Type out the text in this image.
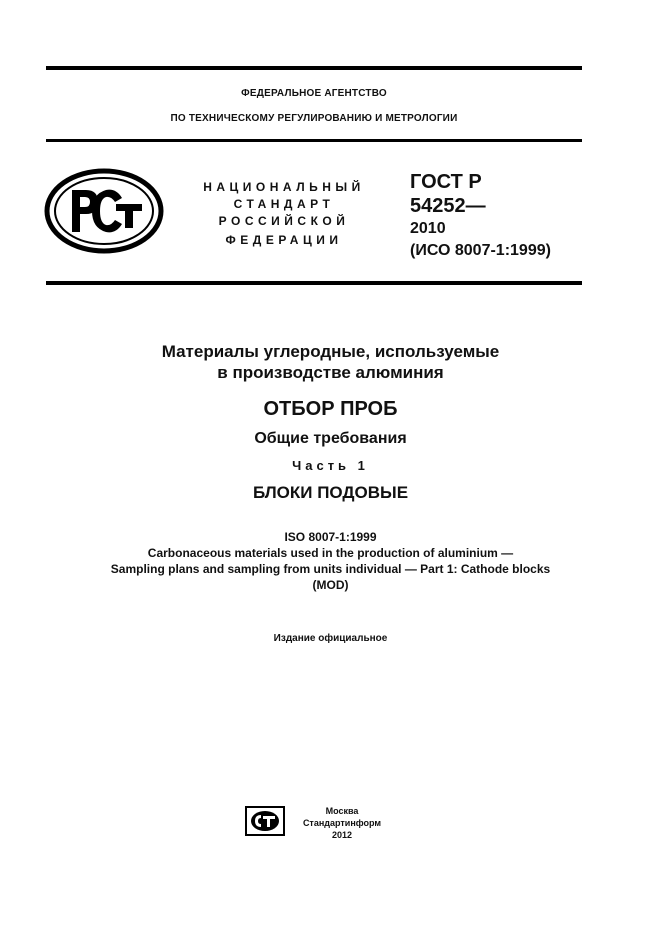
ФЕДЕРАЛЬНОЕ АГЕНТСТВО
ПО ТЕХНИЧЕСКОМУ РЕГУЛИРОВАНИЮ И МЕТРОЛОГИИ
НАЦИОНАЛЬНЫЙ
СТАНДАРТ
РОССИЙСКОЙ
ФЕДЕРАЦИИ
ГОСТ Р
54252—
2010
(ИСО 8007-1:1999)
Материалы углеродные, используемые
в производстве алюминия
ОТБОР ПРОБ
Общие требования
Часть 1
БЛОКИ ПОДОВЫЕ
ISO 8007-1:1999
Carbonaceous materials used in the production of aluminium —
Sampling plans and sampling from units individual — Part 1: Cathode blocks
(MOD)
Издание официальное
Москва
Стандартинформ
2012
